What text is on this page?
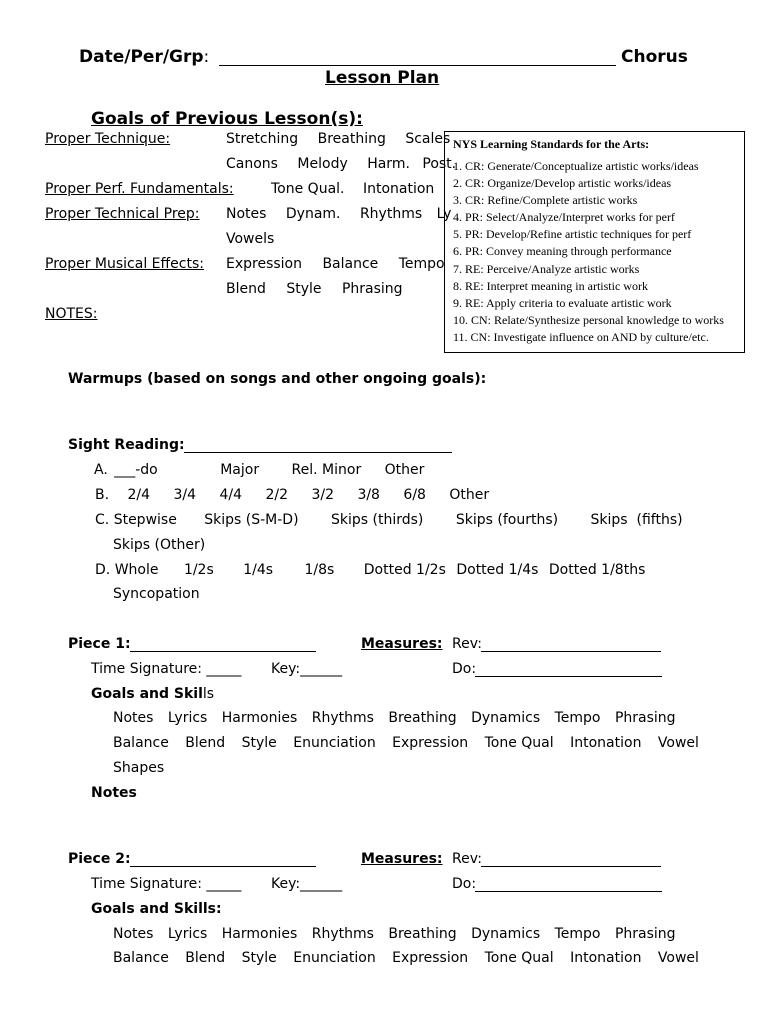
Date/Per/Grp:	Chorus
Lesson Plan
Goals of Previous Lesson(s):
Proper Technique:	Stretching Breathing Scales
Canons Melody Harm. Post.
Proper Perf. Fundamentals:	Tone Qual. Intonation
Proper Technical Prep: Notes Dynam. Rhythms Ly
Vowels
Proper Musical Effects: Expression Balance Tempo
Blend Style Phrasing
NOTES:
NYS Learning Standards for the Arts:
1. CR: Generate/Conceptualize artistic works/ideas
2. CR: Organize/Develop artistic works/ideas
3. CR: Refine/Complete artistic works
4. PR: Select/Analyze/Interpret works for perf
5. PR: Develop/Refine artistic techniques for perf
6. PR: Convey meaning through performance
7. RE: Perceive/Analyze artistic works
8. RE: Interpret meaning in artistic work
9. RE: Apply criteria to evaluate artistic work
10. CN: Relate/Synthesize personal knowledge to works
11. CN: Investigate influence on AND by culture/etc.
Warmups (based on songs and other ongoing goals):
Sight Reading:
A. ___-do	Major Rel. Minor Other
B. 2/4 3/4 4/4 2/2 3/2 3/8 6/8 Other
C. Stepwise Skips (S-M-D) Skips (thirds) Skips (fourths) Skips  (fifths)
Skips (Other)
D. Whole 1/2s 1/4s 1/8s Dotted 1/2s Dotted 1/4s Dotted 1/8ths
Syncopation
Piece 1:	Measures: Rev:
Time Signature: _____ Key:______	Do:
Goals and Skills
Notes Lyrics Harmonies Rhythms Breathing Dynamics Tempo Phrasing
Balance Blend Style Enunciation Expression Tone Qual Intonation Vowel
Shapes
Notes
Piece 2:	Measures: Rev:
Time Signature: _____ Key:______	Do:
Goals and Skills:
Notes Lyrics Harmonies Rhythms Breathing Dynamics Tempo Phrasing
Balance Blend Style Enunciation Expression Tone Qual Intonation Vowel
